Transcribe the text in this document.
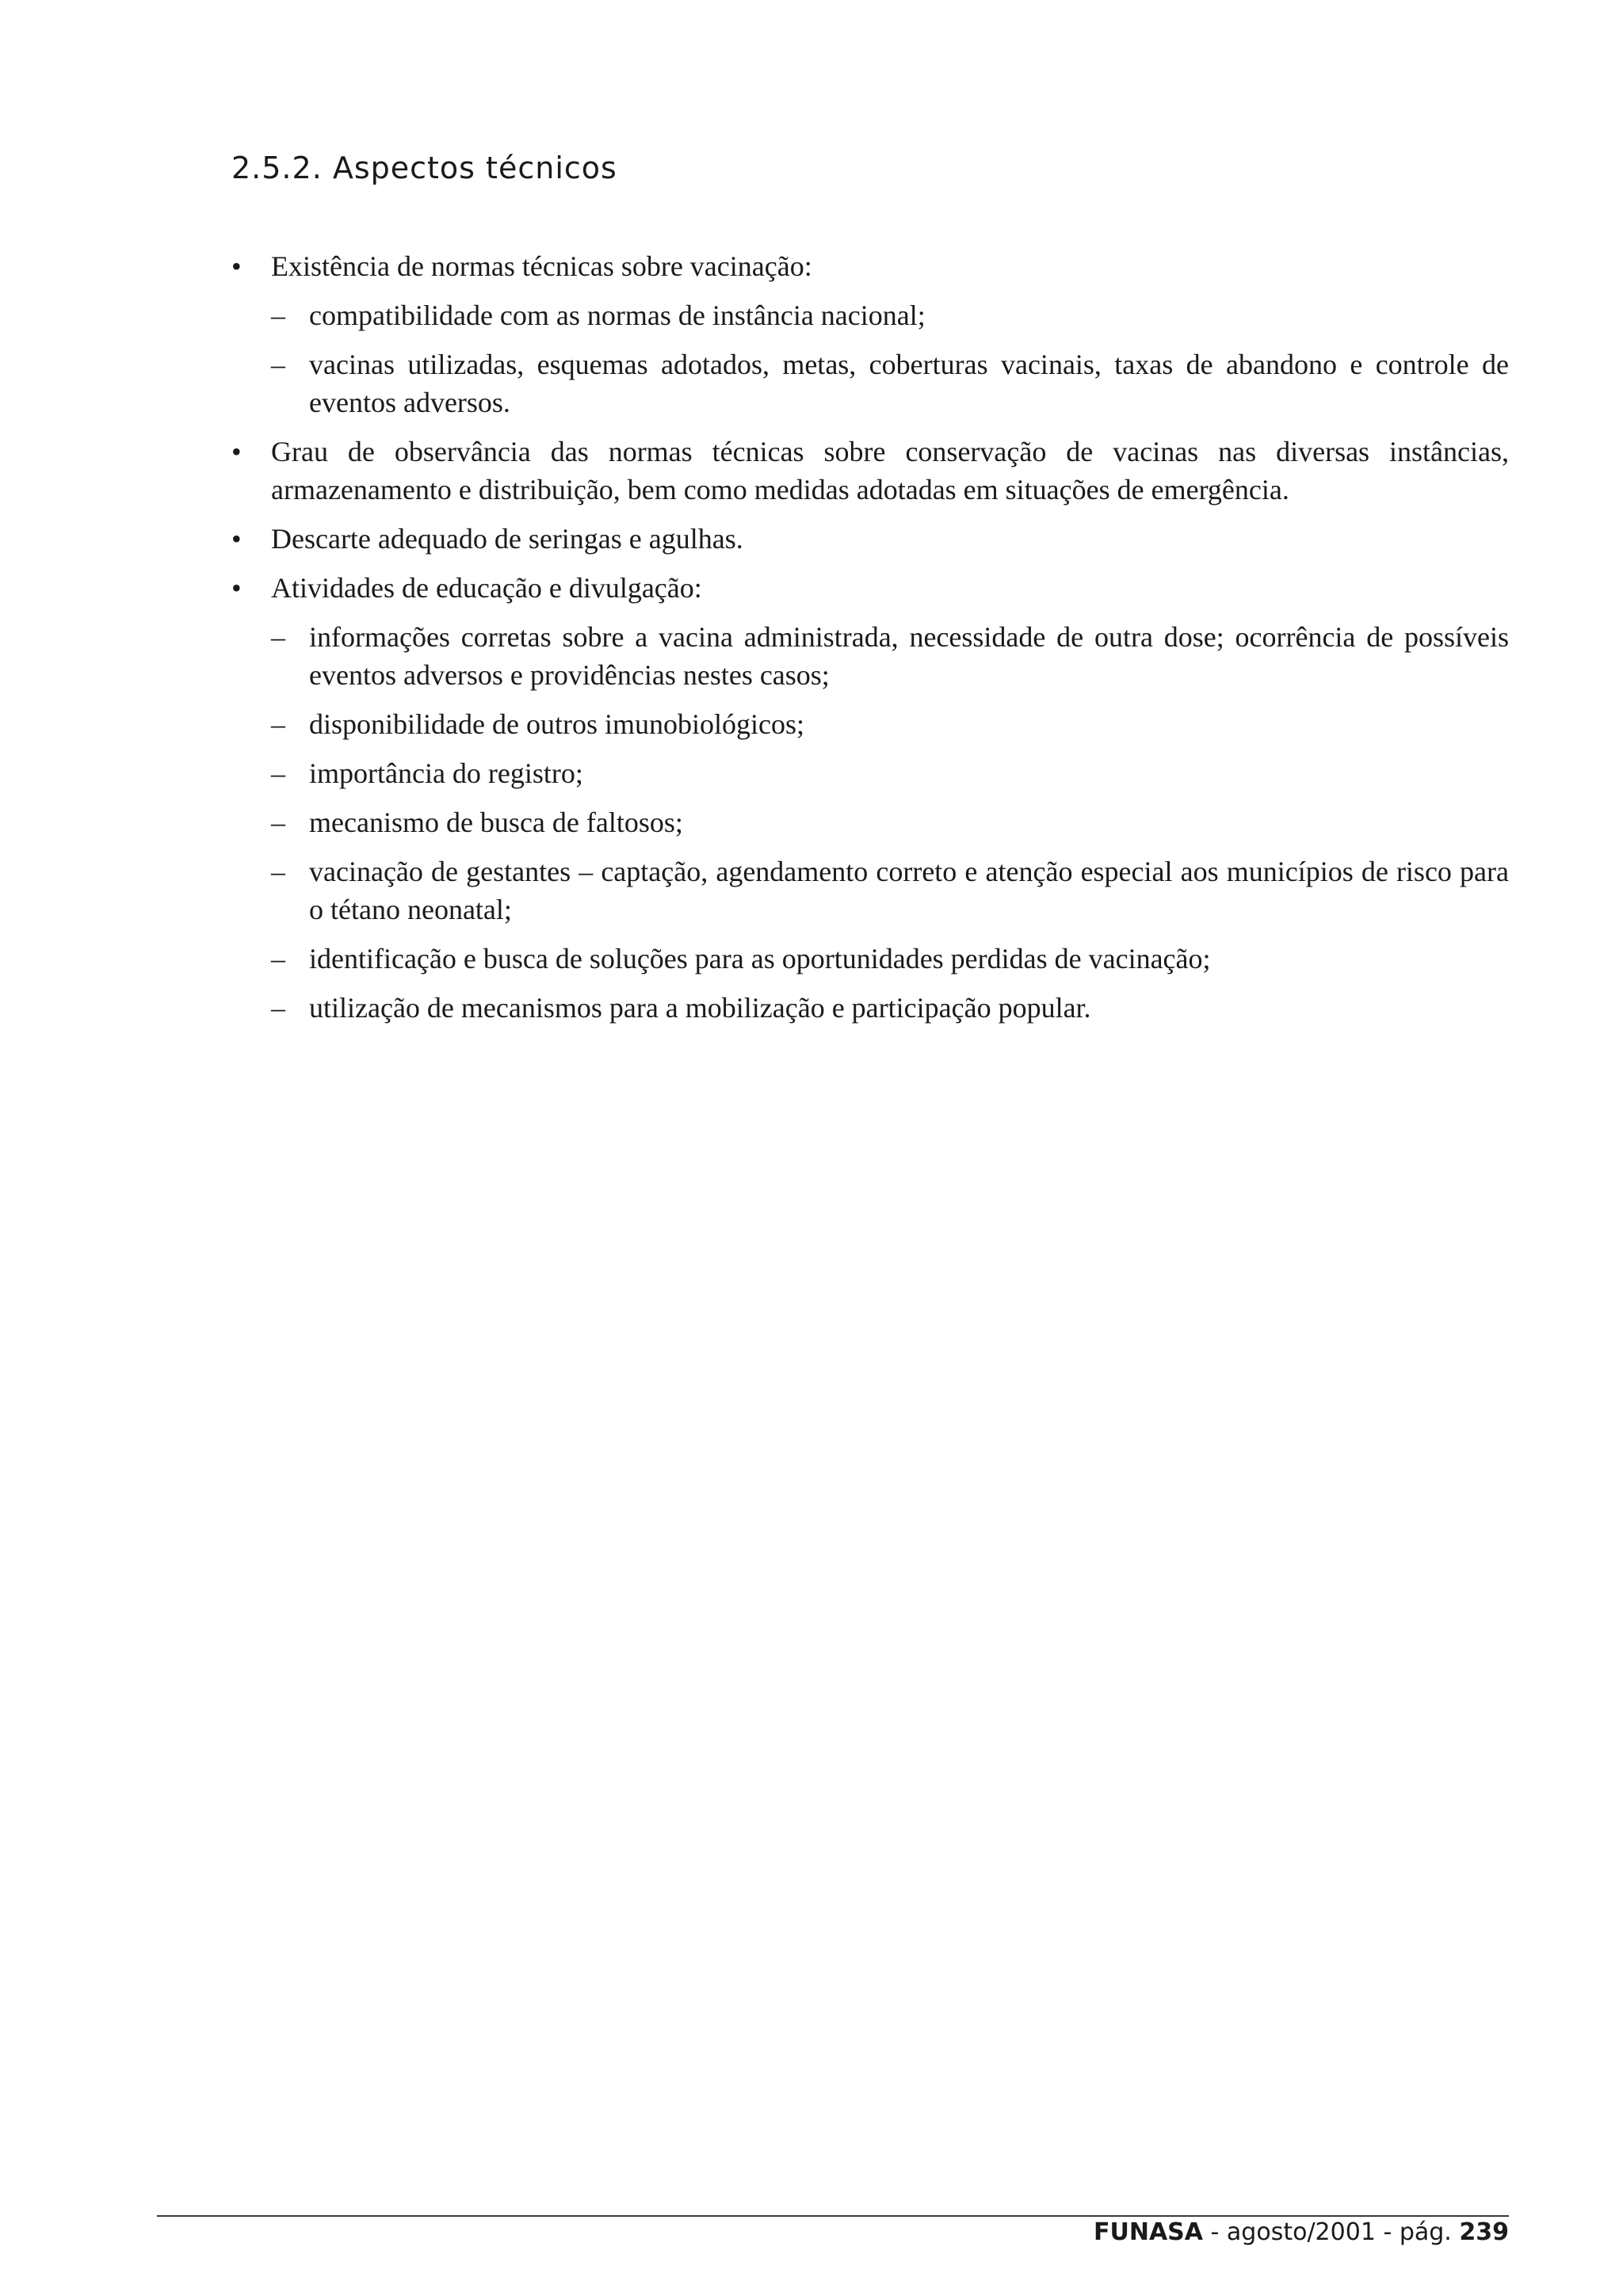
2.5.2. Aspectos técnicos
• Existência de normas técnicas sobre vacinação:
– compatibilidade com as normas de instância nacional;
– vacinas utilizadas, esquemas adotados, metas, coberturas vacinais, taxas de abandono e controle de eventos adversos.
• Grau de observância das normas técnicas sobre conservação de vacinas nas diversas instâncias, armazenamento e distribuição, bem como medidas adotadas em situações de emergência.
• Descarte adequado de seringas e agulhas.
• Atividades de educação e divulgação:
– informações corretas sobre a vacina administrada, necessidade de outra dose; ocorrência de possíveis eventos adversos e providências nestes casos;
– disponibilidade de outros imunobiológicos;
– importância do registro;
– mecanismo de busca de faltosos;
– vacinação de gestantes – captação, agendamento correto e atenção especial aos municípios de risco para o tétano neonatal;
– identificação e busca de soluções para as oportunidades perdidas de vacinação;
– utilização de mecanismos para a mobilização e participação popular.
FUNASA - agosto/2001 - pág. 239
